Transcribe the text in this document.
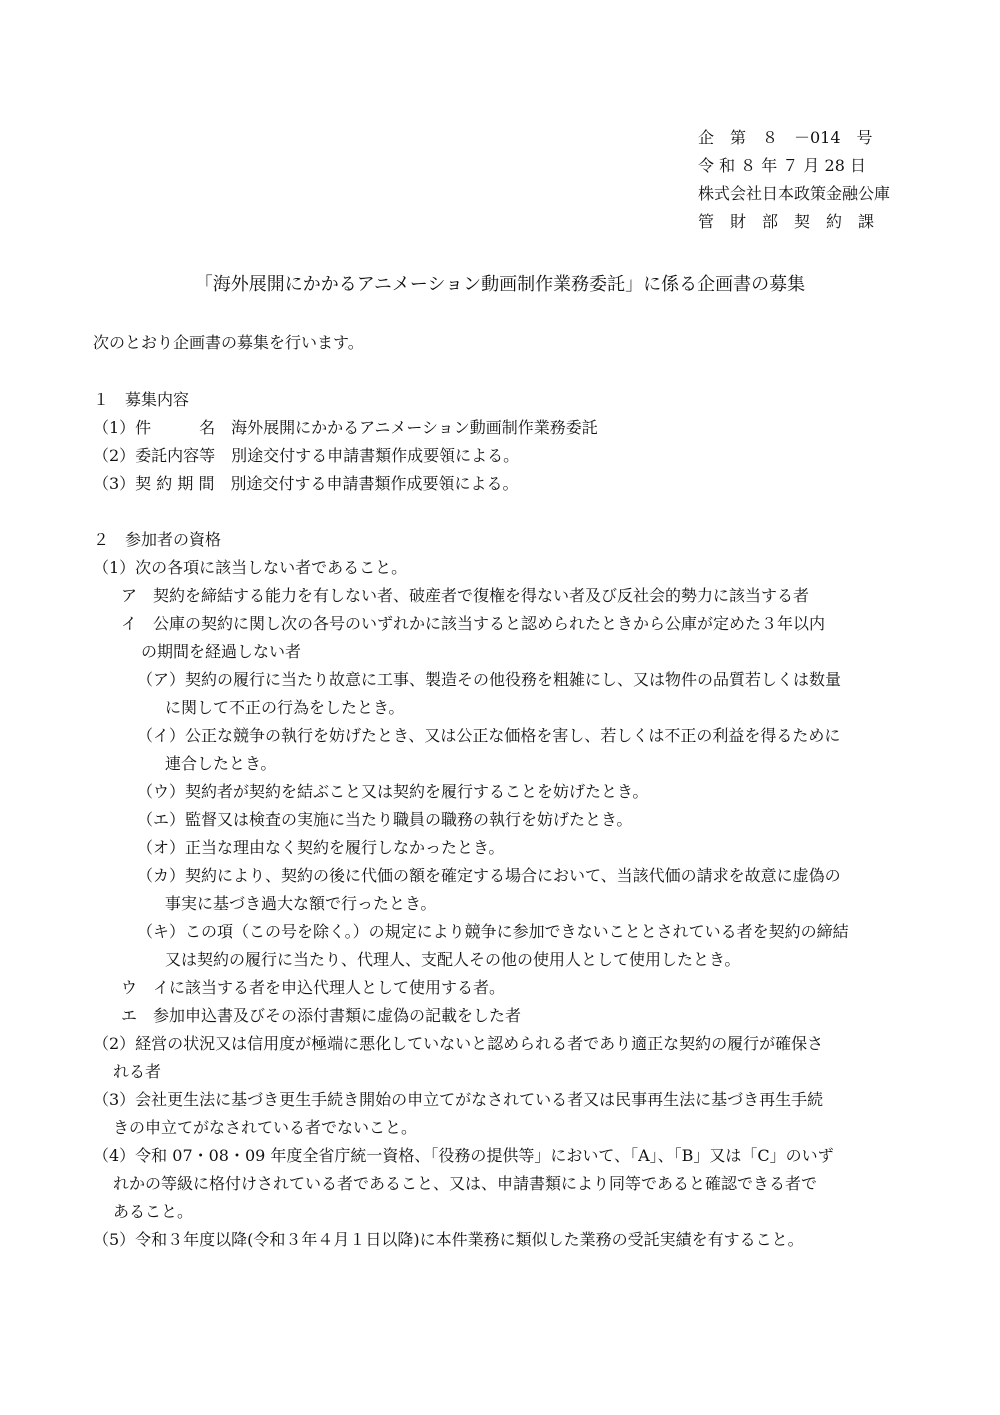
企　第　８　－014　号
令 和 ８ 年 ７ 月 28 日
株式会社日本政策金融公庫
管　財　部　契　約　課
「海外展開にかかるアニメーション動画制作業務委託」に係る企画書の募集
次のとおり企画書の募集を行います。
１　募集内容
（1）件　　　名　海外展開にかかるアニメーション動画制作業務委託
（2）委託内容等　別途交付する申請書類作成要領による。
（3）契 約 期 間　別途交付する申請書類作成要領による。
２　参加者の資格
（1）次の各項に該当しない者であること。
ア　契約を締結する能力を有しない者、破産者で復権を得ない者及び反社会的勢力に該当する者
イ　公庫の契約に関し次の各号のいずれかに該当すると認められたときから公庫が定めた３年以内
の期間を経過しない者
（ア）契約の履行に当たり故意に工事、製造その他役務を粗雑にし、又は物件の品質若しくは数量
に関して不正の行為をしたとき。
（イ）公正な競争の執行を妨げたとき、又は公正な価格を害し、若しくは不正の利益を得るために
連合したとき。
（ウ）契約者が契約を結ぶこと又は契約を履行することを妨げたとき。
（エ）監督又は検査の実施に当たり職員の職務の執行を妨げたとき。
（オ）正当な理由なく契約を履行しなかったとき。
（カ）契約により、契約の後に代価の額を確定する場合において、当該代価の請求を故意に虚偽の
事実に基づき過大な額で行ったとき。
（キ）この項（この号を除く。）の規定により競争に参加できないこととされている者を契約の締結
又は契約の履行に当たり、代理人、支配人その他の使用人として使用したとき。
ウ　イに該当する者を申込代理人として使用する者。
エ　参加申込書及びその添付書類に虚偽の記載をした者
（2）経営の状況又は信用度が極端に悪化していないと認められる者であり適正な契約の履行が確保さ
れる者
（3）会社更生法に基づき更生手続き開始の申立てがなされている者又は民事再生法に基づき再生手続
きの申立てがなされている者でないこと。
（4）令和 07・08・09 年度全省庁統一資格、「役務の提供等」において、「A」、「B」又は「C」のいず
れかの等級に格付けされている者であること、又は、申請書類により同等であると確認できる者で
あること。
（5）令和３年度以降(令和３年４月１日以降)に本件業務に類似した業務の受託実績を有すること。
